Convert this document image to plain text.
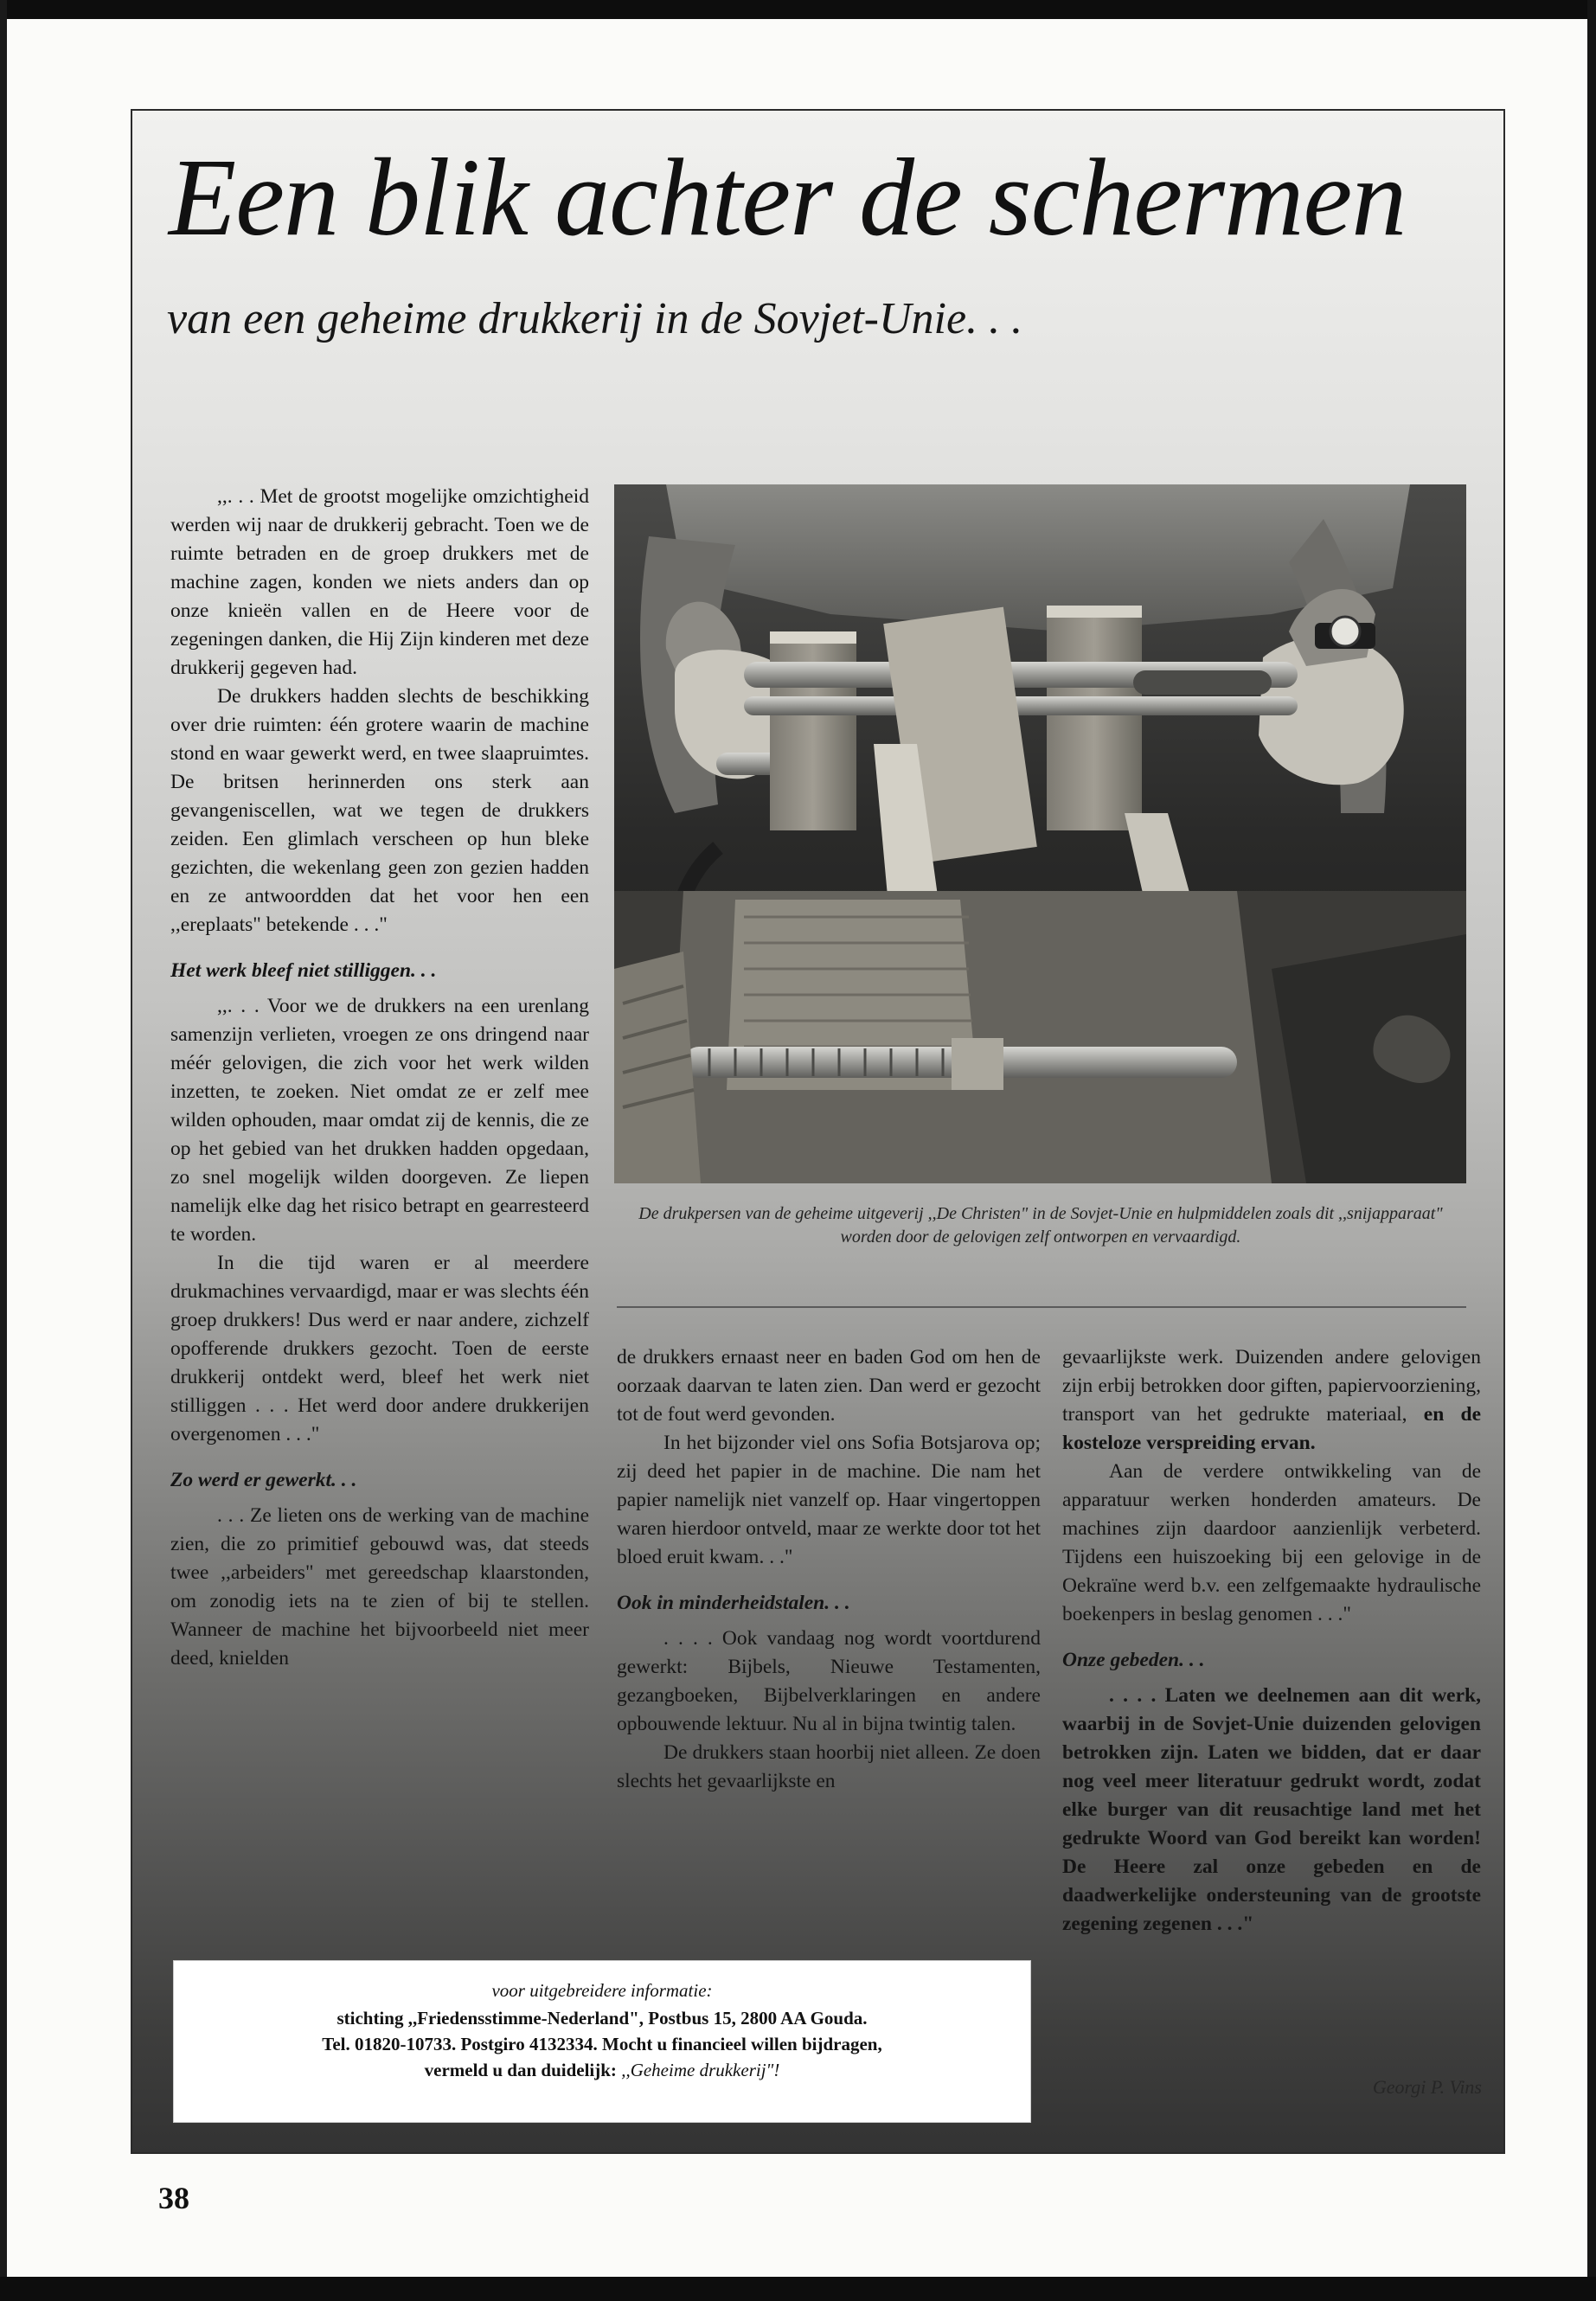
Een blik achter de schermen
van een geheime drukkerij in de Sovjet-Unie. . .

,,. . . Met de grootst mogelijke omzichtigheid werden wij naar de drukkerij gebracht. Toen we de ruimte betraden en de groep drukkers met de machine zagen, konden we niets anders dan op onze knieën vallen en de Heere voor de zegeningen danken, die Hij Zijn kinderen met deze drukkerij gegeven had.

De drukkers hadden slechts de beschikking over drie ruimten: één grotere waarin de machine stond en waar gewerkt werd, en twee slaapruimtes. De britsen herinnerden ons sterk aan gevangeniscellen, wat we tegen de drukkers zeiden. Een glimlach verscheen op hun bleke gezichten, die wekenlang geen zon gezien hadden en ze antwoordden dat het voor hen een ,,ereplaats" betekende . . ."

Het werk bleef niet stilliggen. . .

,,. . . Voor we de drukkers na een urenlang samenzijn verlieten, vroegen ze ons dringend naar méér gelovigen, die zich voor het werk wilden inzetten, te zoeken. Niet omdat ze er zelf mee wilden ophouden, maar omdat zij de kennis, die ze op het gebied van het drukken hadden opgedaan, zo snel mogelijk wilden doorgeven. Ze liepen namelijk elke dag het risico betrapt en gearresteerd te worden.

In die tijd waren er al meerdere drukmachines vervaardigd, maar er was slechts één groep drukkers! Dus werd er naar andere, zichzelf opofferende drukkers gezocht. Toen de eerste drukkerij ontdekt werd, bleef het werk niet stilliggen . . . Het werd door andere drukkerijen overgenomen . . ."

Zo werd er gewerkt. . .

. . . Ze lieten ons de werking van de machine zien, die zo primitief gebouwd was, dat steeds twee ,,arbeiders" met gereedschap klaarstonden, om zonodig iets na te zien of bij te stellen. Wanneer de machine het bijvoorbeeld niet meer deed, knielden

De drukpersen van de geheime uitgeverij ,,De Christen" in de Sovjet-Unie en hulpmiddelen zoals dit ,,snijapparaat" worden door de gelovigen zelf ontworpen en vervaardigd.

de drukkers ernaast neer en baden God om hen de oorzaak daarvan te laten zien. Dan werd er gezocht tot de fout werd gevonden.

In het bijzonder viel ons Sofia Botsjarova op; zij deed het papier in de machine. Die nam het papier namelijk niet vanzelf op. Haar vingertoppen waren hierdoor ontveld, maar ze werkte door tot het bloed eruit kwam. . ."

Ook in minderheidstalen. . .

. . . . Ook vandaag nog wordt voortdurend gewerkt: Bijbels, Nieuwe Testamenten, gezangboeken, Bijbelverklaringen en andere opbouwende lektuur. Nu al in bijna twintig talen.

De drukkers staan hoorbij niet alleen. Ze doen slechts het gevaarlijkste en

gevaarlijkste werk. Duizenden andere gelovigen zijn erbij betrokken door giften, papiervoorziening, transport van het gedrukte materiaal, en de kosteloze verspreiding ervan.

Aan de verdere ontwikkeling van de apparatuur werken honderden amateurs. De machines zijn daardoor aanzienlijk verbeterd. Tijdens een huiszoeking bij een gelovige in de Oekraïne werd b.v. een zelfgemaakte hydraulische boekenpers in beslag genomen . . ."

Onze gebeden. . .

. . . . Laten we deelnemen aan dit werk, waarbij in de Sovjet-Unie duizenden gelovigen betrokken zijn. Laten we bidden, dat er daar nog veel meer literatuur gedrukt wordt, zodat elke burger van dit reusachtige land met het gedrukte Woord van God bereikt kan worden! De Heere zal onze gebeden en de daadwerkelijke ondersteuning van de grootste zegening zegenen . . ."

voor uitgebreidere informatie:
stichting ,,Friedensstimme-Nederland", Postbus 15, 2800 AA Gouda.
Tel. 01820-10733. Postgiro 4132334. Mocht u financieel willen bijdragen,
vermeld u dan duidelijk: ,,Geheime drukkerij"!
Georgi P. Vins
38
